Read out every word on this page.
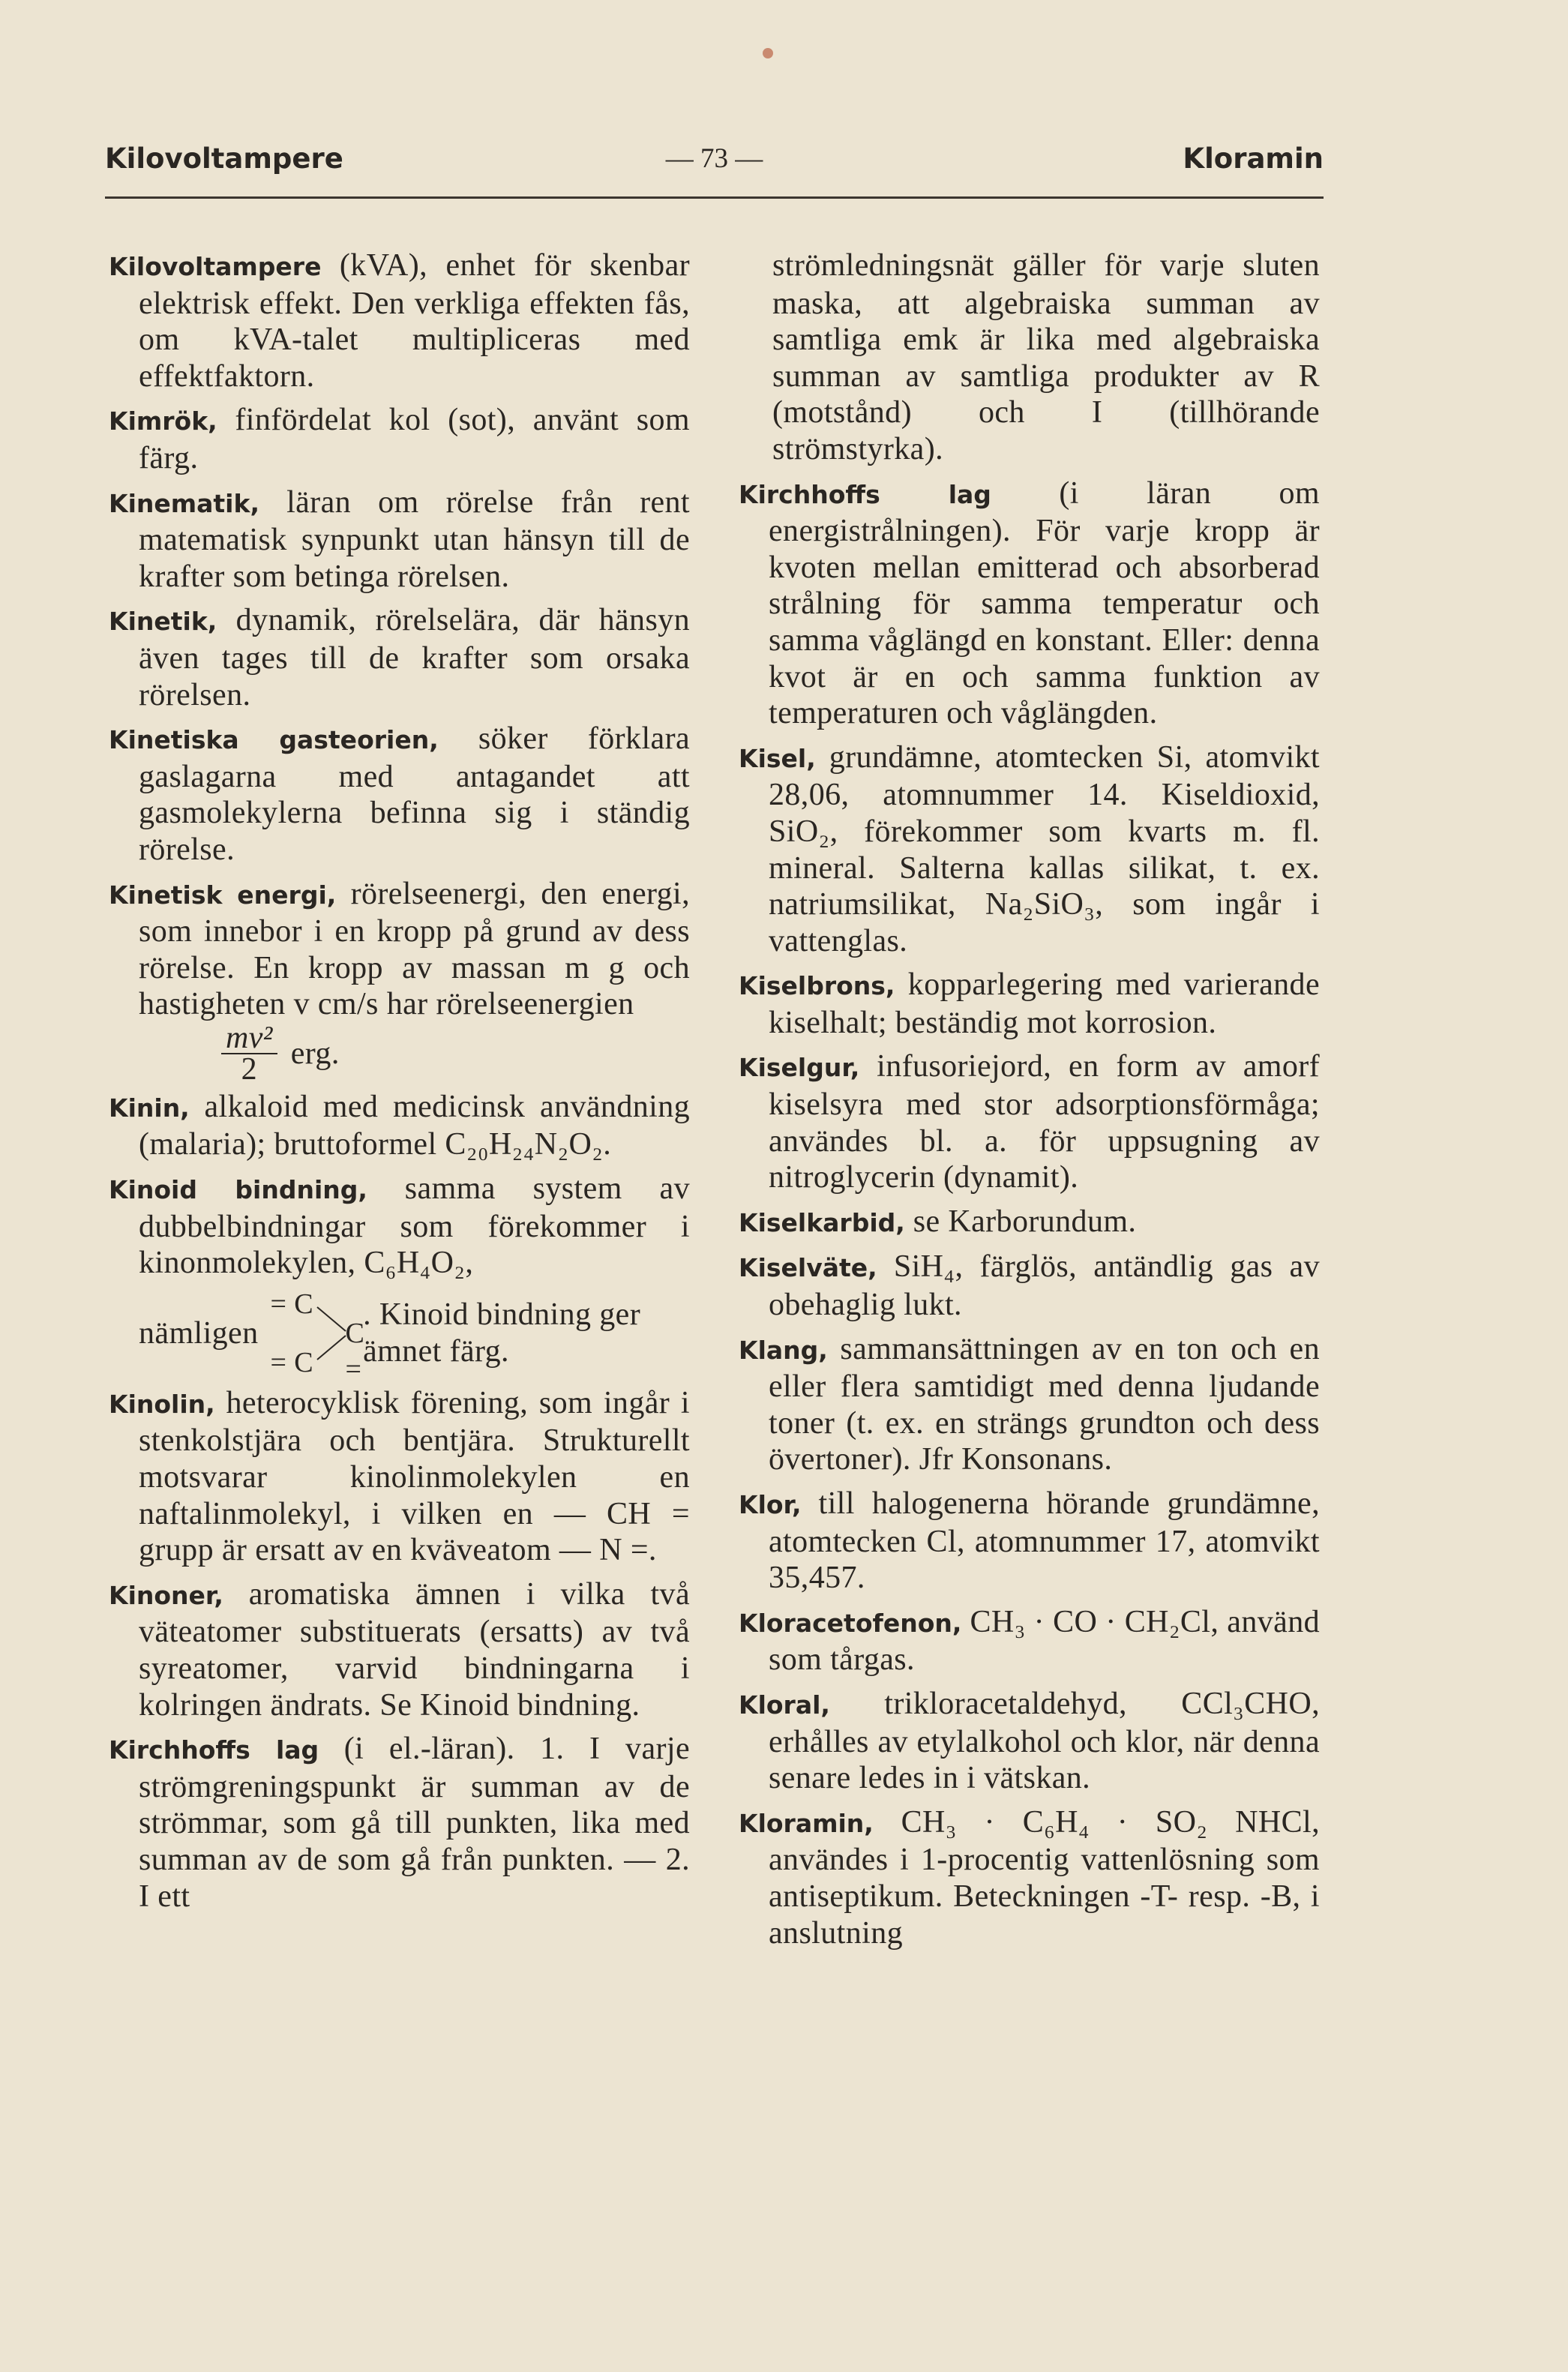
Kilovoltampere	— 73 —	Kloramin

Kilovoltampere (kVA), enhet för skenbar elektrisk effekt. Den verkliga effekten fås, om kVA-talet multipliceras med effektfaktorn.

Kimrök, finfördelat kol (sot), använt som färg.

Kinematik, läran om rörelse från rent matematisk synpunkt utan hänsyn till de krafter som betinga rörelsen.

Kinetik, dynamik, rörelselära, där hänsyn även tages till de krafter som orsaka rörelsen.

Kinetiska gasteorien, söker förklara gaslagarna med antagandet att gasmolekylerna befinna sig i ständig rörelse.

Kinetisk energi, rörelseenergi, den energi, som innebor i en kropp på grund av dess rörelse. En kropp av massan m g och hastigheten v cm/s har rörelseenergien

$\frac{\text{mv²}}{2}$ erg.

Kinin, alkaloid med medicinsk användning (malaria); bruttoformel C₂₀H₂₄N₂O₂.

Kinoid bindning, samma system av dubbelbindningar som förekommer i kinonmolekylen, C₆H₄O₂,

nämligen
= C
= C
C =
. Kinoid bindning ger ämnet färg.

Kinolin, heterocyklisk förening, som ingår i stenkolstjära och bentjära. Strukturellt motsvarar kinolinmolekylen en naftalinmolekyl, i vilken en — CH = grupp är ersatt av en kväveatom — N =.

Kinoner, aromatiska ämnen i vilka två väteatomer substituerats (ersatts) av två syreatomer, varvid bindningarna i kolringen ändrats. Se Kinoid bindning.

Kirchhoffs lag (i el.-läran). 1. I varje strömgreningspunkt är summan av de strömmar, som gå till punkten, lika med summan av de som gå från punkten. — 2. I ett

strömledningsnät gäller för varje sluten maska, att algebraiska summan av samtliga emk är lika med algebraiska summan av samtliga produkter av R (motstånd) och I (tillhörande strömstyrka).

Kirchhoffs lag (i läran om energistrålningen). För varje kropp är kvoten mellan emitterad och absorberad strålning för samma temperatur och samma våglängd en konstant. Eller: denna kvot är en och samma funktion av temperaturen och våglängden.

Kisel, grundämne, atomtecken Si, atomvikt 28,06, atomnummer 14. Kiseldioxid, SiO₂, förekommer som kvarts m. fl. mineral. Salterna kallas silikat, t. ex. natriumsilikat, Na₂SiO₃, som ingår i vattenglas.

Kiselbrons, kopparlegering med varierande kiselhalt; beständig mot korrosion.

Kiselgur, infusoriejord, en form av amorf kiselsyra med stor adsorptionsförmåga; användes bl. a. för uppsugning av nitroglycerin (dynamit).

Kiselkarbid, se Karborundum.

Kiselväte, SiH₄, färglös, antändlig gas av obehaglig lukt.

Klang, sammansättningen av en ton och en eller flera samtidigt med denna ljudande toner (t. ex. en strängs grundton och dess övertoner). Jfr Konsonans.

Klor, till halogenerna hörande grundämne, atomtecken Cl, atomnummer 17, atomvikt 35,457.

Kloracetofenon, CH₃ · CO · CH₂Cl, använd som tårgas.

Kloral, trikloracetaldehyd, CCl₃CHO, erhålles av etylalkohol och klor, när denna senare ledes in i vätskan.

Kloramin, CH₃ · C₆H₄ · SO₂ NHCl, användes i 1-procentig vattenlösning som antiseptikum. Beteckningen -T- resp. -B, i anslutning
